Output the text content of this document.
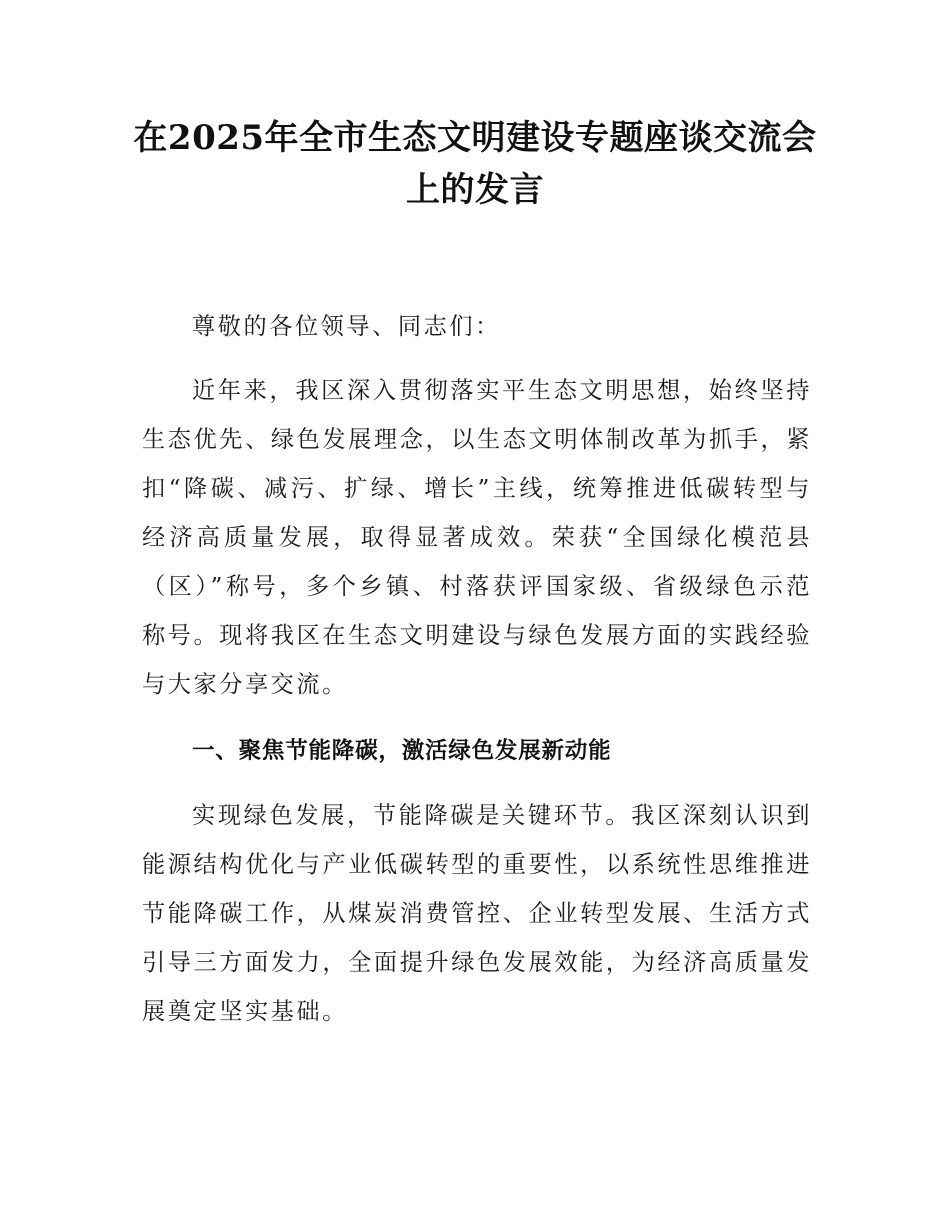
在2025年全市生态文明建设专题座谈交流会上的发言

尊敬的各位领导、同志们：

近年来，我区深入贯彻落实平生态文明思想，始终坚持生态优先、绿色发展理念，以生态文明体制改革为抓手，紧扣“降碳、减污、扩绿、增长”主线，统筹推进低碳转型与经济高质量发展，取得显著成效。荣获“全国绿化模范县（区）”称号，多个乡镇、村落获评国家级、省级绿色示范称号。现将我区在生态文明建设与绿色发展方面的实践经验与大家分享交流。

一、聚焦节能降碳，激活绿色发展新动能

实现绿色发展，节能降碳是关键环节。我区深刻认识到能源结构优化与产业低碳转型的重要性，以系统性思维推进节能降碳工作，从煤炭消费管控、企业转型发展、生活方式引导三方面发力，全面提升绿色发展效能，为经济高质量发展奠定坚实基础。
